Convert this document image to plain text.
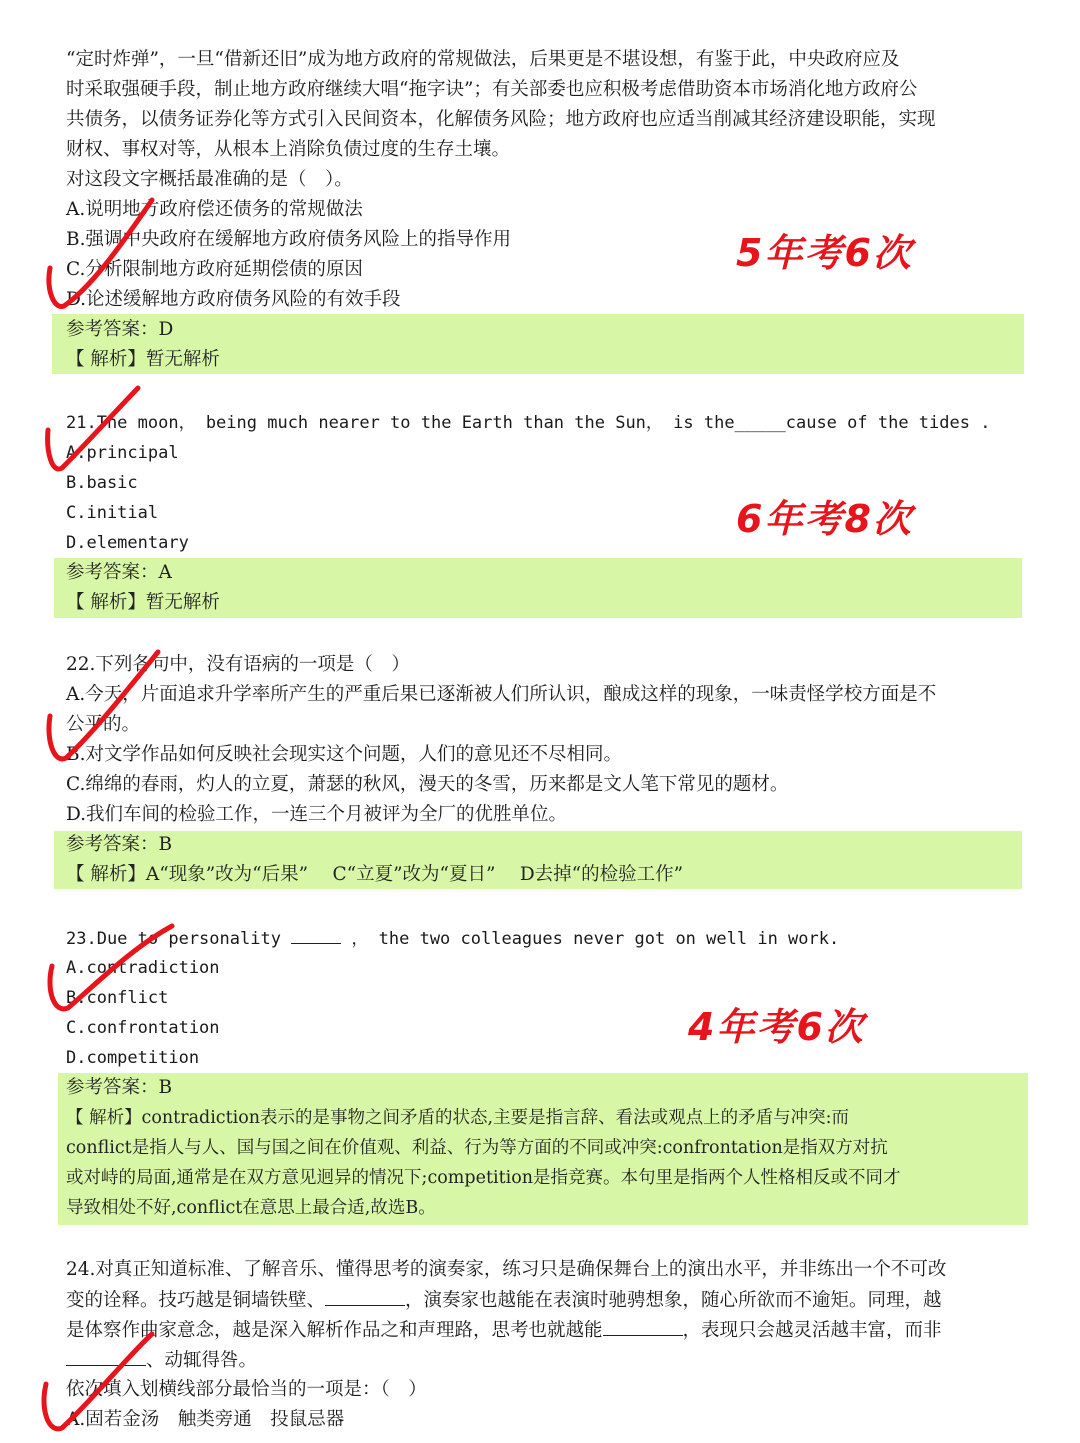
“定时炸弹”，一旦“借新还旧”成为地方政府的常规做法，后果更是不堪设想，有鉴于此，中央政府应及
时采取强硬手段，制止地方政府继续大唱“拖字诀”；有关部委也应积极考虑借助资本市场消化地方政府公
共债务，以债务证券化等方式引入民间资本，化解债务风险；地方政府也应适当削减其经济建设职能，实现
财权、事权对等，从根本上消除负债过度的生存土壤。
对这段文字概括最准确的是（　）。
A.说明地方政府偿还债务的常规做法
B.强调中央政府在缓解地方政府债务风险上的指导作用
C.分析限制地方政府延期偿债的原因
D.论述缓解地方政府债务风险的有效手段
参考答案：D
【 解析】暂无解析
21.The moon， being much nearer to the Earth than the Sun， is the_____cause of the tides .
A.principal
B.basic
C.initial
D.elementary
参考答案：A
【 解析】暂无解析
22.下列各句中，没有语病的一项是（　）
A.今天，片面追求升学率所产生的严重后果已逐渐被人们所认识，酿成这样的现象，一味责怪学校方面是不
公平的。
B.对文学作品如何反映社会现实这个问题，人们的意见还不尽相同。
C.绵绵的春雨，灼人的立夏，萧瑟的秋风，漫天的冬雪，历来都是文人笔下常见的题材。
D.我们车间的检验工作，一连三个月被评为全厂的优胜单位。
参考答案：B
【 解析】A“现象”改为“后果”　 C“立夏”改为“夏日”　 D去掉“的检验工作”
23.Due to personality	， the two colleagues never got on well in work.
A.contradiction
B.conflict
C.confrontation
D.competition
参考答案：B
【 解析】contradiction表示的是事物之间矛盾的状态,主要是指言辞、看法或观点上的矛盾与冲突:而
conflict是指人与人、国与国之间在价值观、利益、行为等方面的不同或冲突:confrontation是指双方对抗
或对峙的局面,通常是在双方意见迥异的情况下;competition是指竞赛。本句里是指两个人性格相反或不同才
导致相处不好,conflict在意思上最合适,故选B。
24.对真正知道标准、了解音乐、懂得思考的演奏家，练习只是确保舞台上的演出水平，并非练出一个不可改
变的诠释。技巧越是铜墙铁壁、	，演奏家也越能在表演时驰骋想象，随心所欲而不逾矩。同理，越
是体察作曲家意念，越是深入解析作品之和声理路，思考也就越能	，表现只会越灵活越丰富，而非
、动辄得咎。
依次填入划横线部分最恰当的一项是：（　）
A.固若金汤　触类旁通　投鼠忌器
5年考6次
6年考8次
4年考6次
